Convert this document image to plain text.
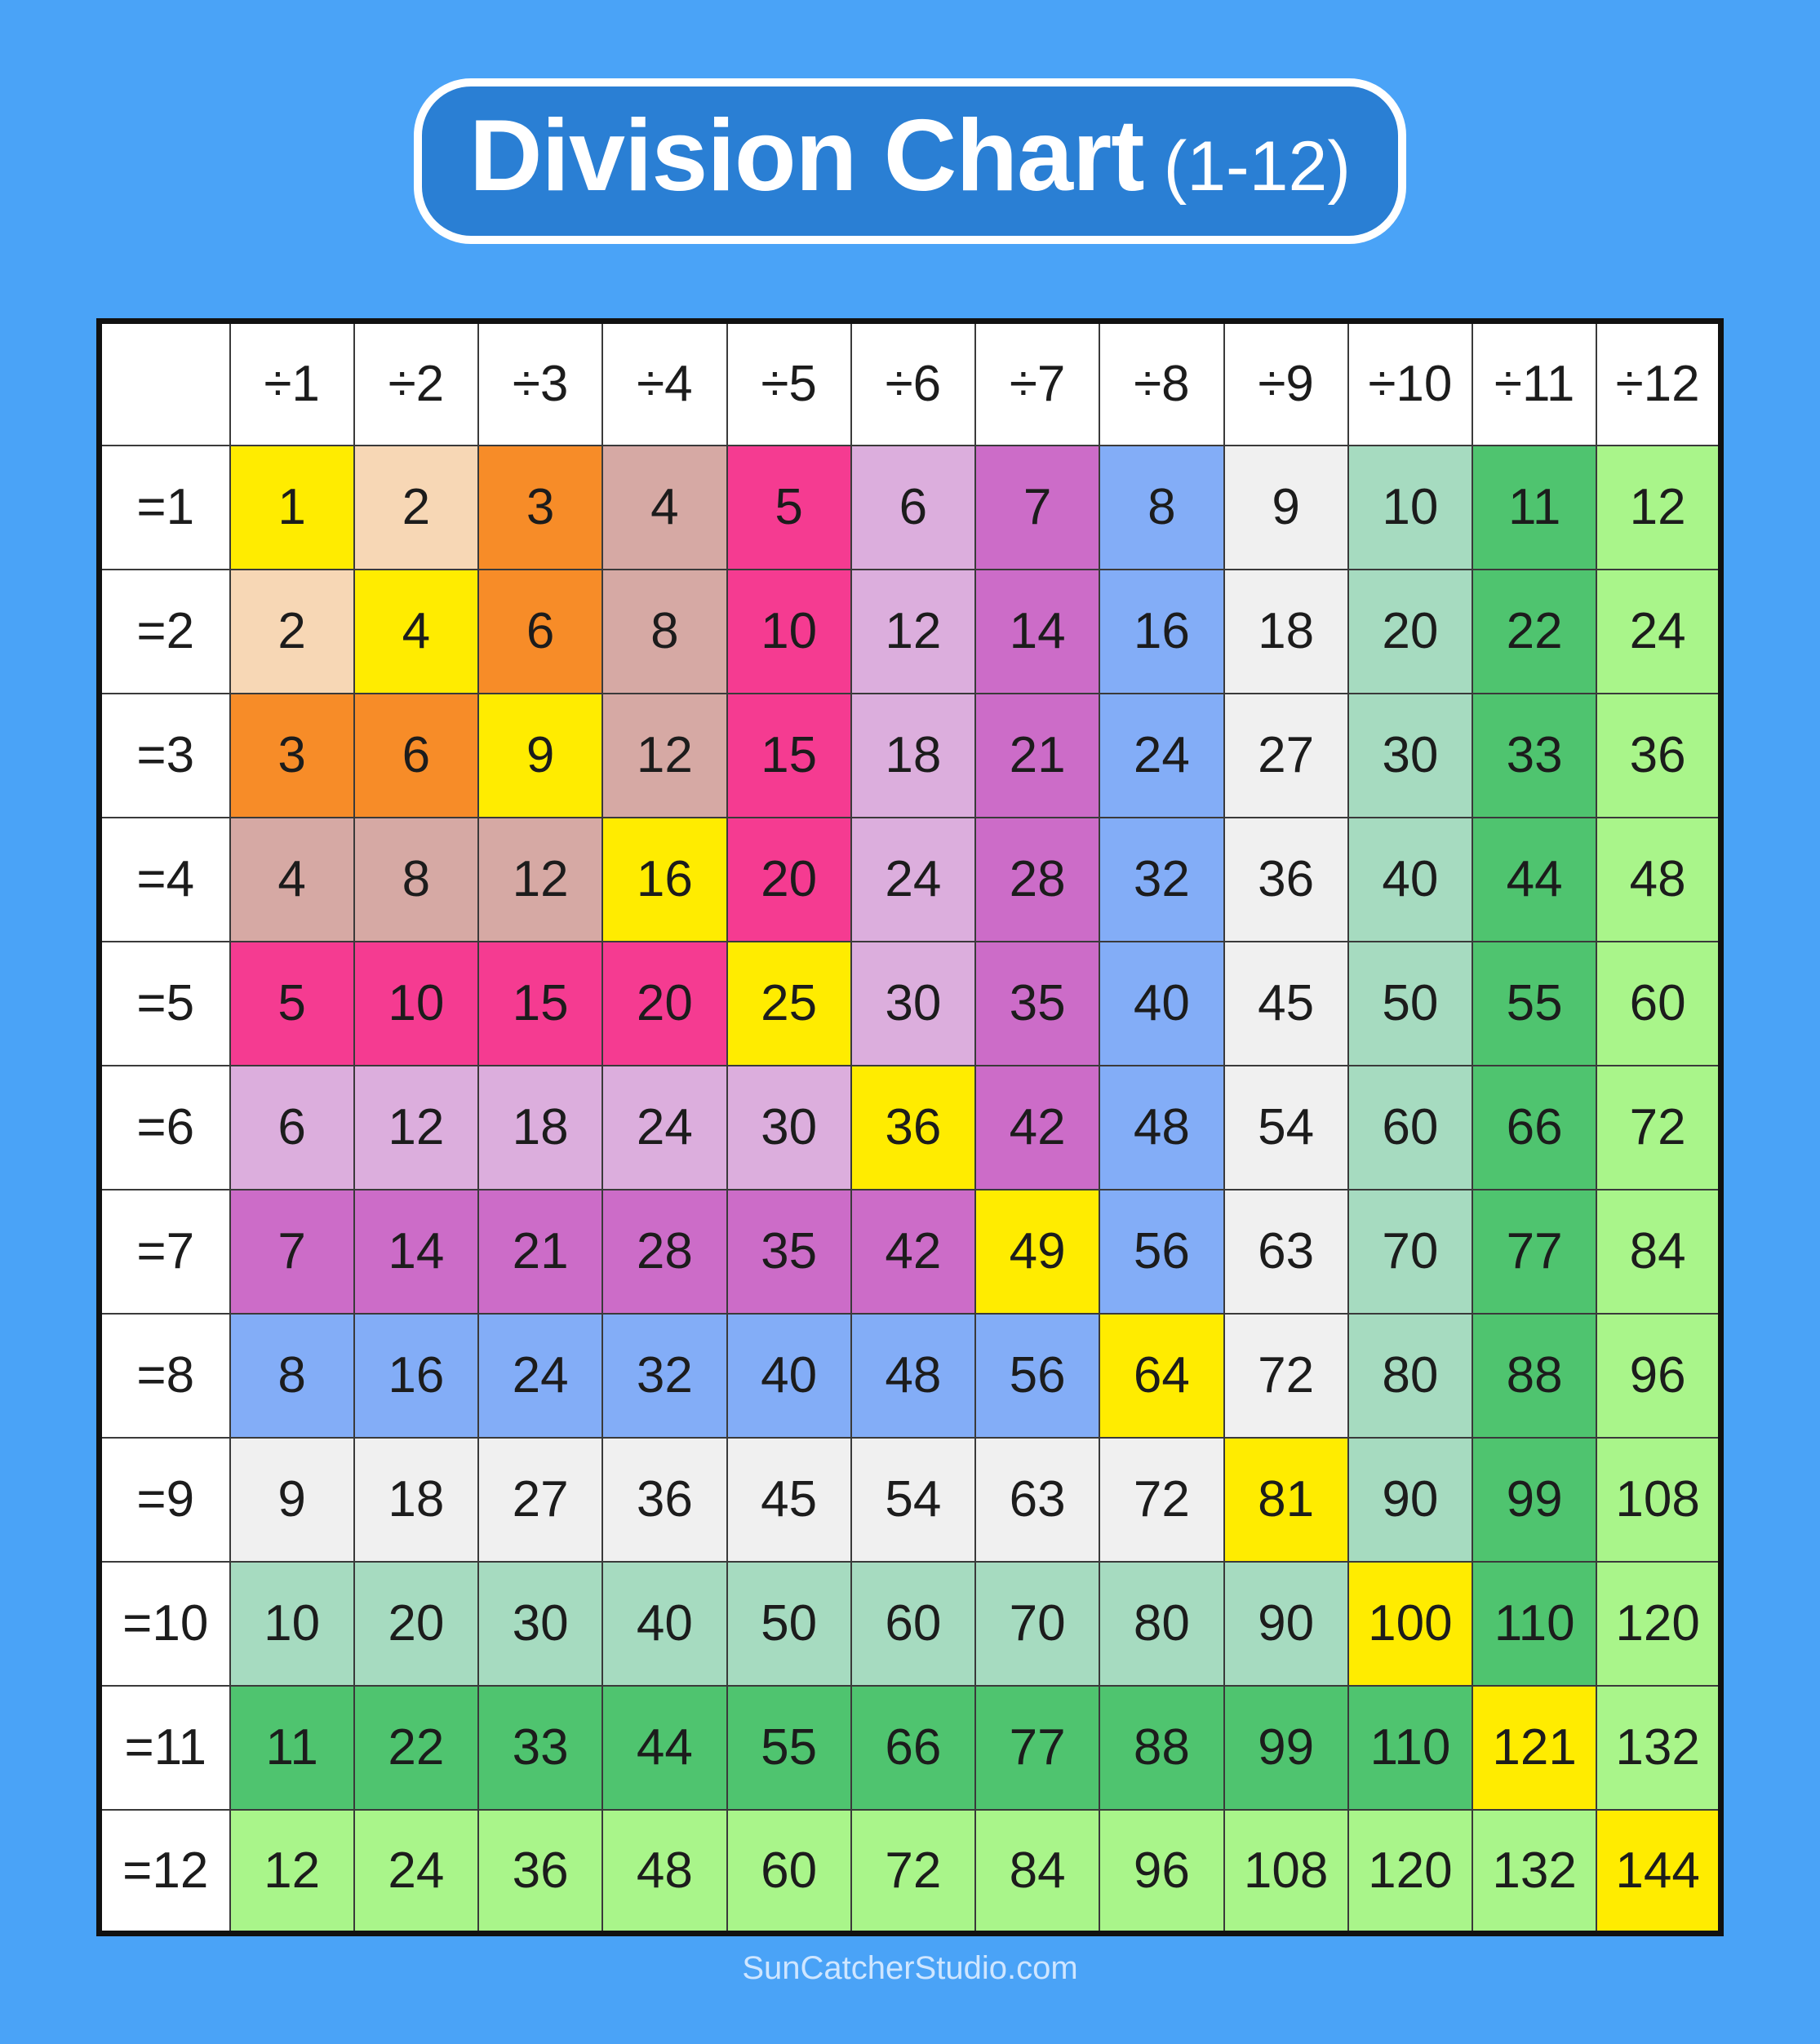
Division Chart (1-12)
	÷1	÷2	÷3	÷4	÷5	÷6	÷7	÷8	÷9	÷10	÷11	÷12
=1	1	2	3	4	5	6	7	8	9	10	11	12
=2	2	4	6	8	10	12	14	16	18	20	22	24
=3	3	6	9	12	15	18	21	24	27	30	33	36
=4	4	8	12	16	20	24	28	32	36	40	44	48
=5	5	10	15	20	25	30	35	40	45	50	55	60
=6	6	12	18	24	30	36	42	48	54	60	66	72
=7	7	14	21	28	35	42	49	56	63	70	77	84
=8	8	16	24	32	40	48	56	64	72	80	88	96
=9	9	18	27	36	45	54	63	72	81	90	99	108
=10	10	20	30	40	50	60	70	80	90	100	110	120
=11	11	22	33	44	55	66	77	88	99	110	121	132
=12	12	24	36	48	60	72	84	96	108	120	132	144
SunCatcherStudio.com
